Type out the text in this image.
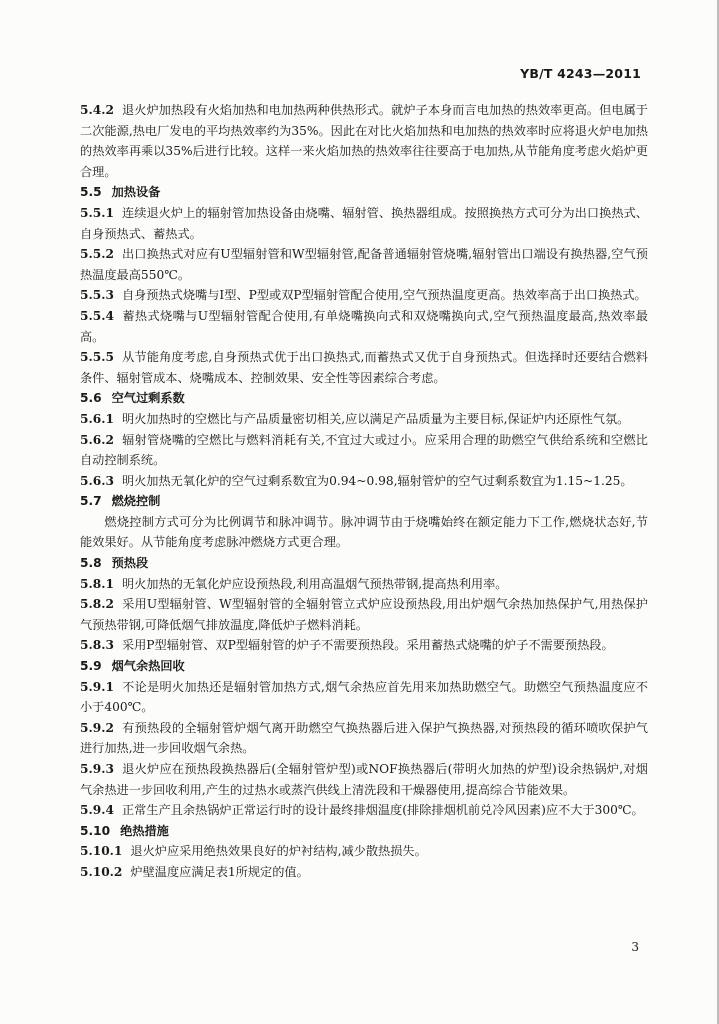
YB/T 4243—2011

5.4.2 退火炉加热段有火焰加热和电加热两种供热形式。就炉子本身而言电加热的热效率更高。但电属于二次能源,热电厂发电的平均热效率约为35%。因此在对比火焰加热和电加热的热效率时应将退火炉电加热的热效率再乘以35%后进行比较。这样一来火焰加热的热效率往往要高于电加热,从节能角度考虑火焰炉更合理。

5.5 加热设备

5.5.1 连续退火炉上的辐射管加热设备由烧嘴、辐射管、换热器组成。按照换热方式可分为出口换热式、自身预热式、蓄热式。

5.5.2 出口换热式对应有U型辐射管和W型辐射管,配备普通辐射管烧嘴,辐射管出口端设有换热器,空气预热温度最高550℃。

5.5.3 自身预热式烧嘴与I型、P型或双P型辐射管配合使用,空气预热温度更高。热效率高于出口换热式。

5.5.4 蓄热式烧嘴与U型辐射管配合使用,有单烧嘴换向式和双烧嘴换向式,空气预热温度最高,热效率最高。

5.5.5 从节能角度考虑,自身预热式优于出口换热式,而蓄热式又优于自身预热式。但选择时还要结合燃料条件、辐射管成本、烧嘴成本、控制效果、安全性等因素综合考虑。

5.6 空气过剩系数

5.6.1 明火加热时的空燃比与产品质量密切相关,应以满足产品质量为主要目标,保证炉内还原性气氛。

5.6.2 辐射管烧嘴的空燃比与燃料消耗有关,不宜过大或过小。应采用合理的助燃空气供给系统和空燃比自动控制系统。

5.6.3 明火加热无氧化炉的空气过剩系数宜为0.94~0.98,辐射管炉的空气过剩系数宜为1.15~1.25。

5.7 燃烧控制

燃烧控制方式可分为比例调节和脉冲调节。脉冲调节由于烧嘴始终在额定能力下工作,燃烧状态好,节能效果好。从节能角度考虑脉冲燃烧方式更合理。

5.8 预热段

5.8.1 明火加热的无氧化炉应设预热段,利用高温烟气预热带钢,提高热利用率。

5.8.2 采用U型辐射管、W型辐射管的全辐射管立式炉应设预热段,用出炉烟气余热加热保护气,用热保护气预热带钢,可降低烟气排放温度,降低炉子燃料消耗。

5.8.3 采用P型辐射管、双P型辐射管的炉子不需要预热段。采用蓄热式烧嘴的炉子不需要预热段。

5.9 烟气余热回收

5.9.1 不论是明火加热还是辐射管加热方式,烟气余热应首先用来加热助燃空气。助燃空气预热温度应不小于400℃。

5.9.2 有预热段的全辐射管炉烟气离开助燃空气换热器后进入保护气换热器,对预热段的循环喷吹保护气进行加热,进一步回收烟气余热。

5.9.3 退火炉应在预热段换热器后(全辐射管炉型)或NOF换热器后(带明火加热的炉型)设余热锅炉,对烟气余热进一步回收利用,产生的过热水或蒸汽供线上清洗段和干燥器使用,提高综合节能效果。

5.9.4 正常生产且余热锅炉正常运行时的设计最终排烟温度(排除排烟机前兑冷风因素)应不大于300℃。

5.10 绝热措施

5.10.1 退火炉应采用绝热效果良好的炉衬结构,减少散热损失。

5.10.2 炉壁温度应满足表1所规定的值。

3
